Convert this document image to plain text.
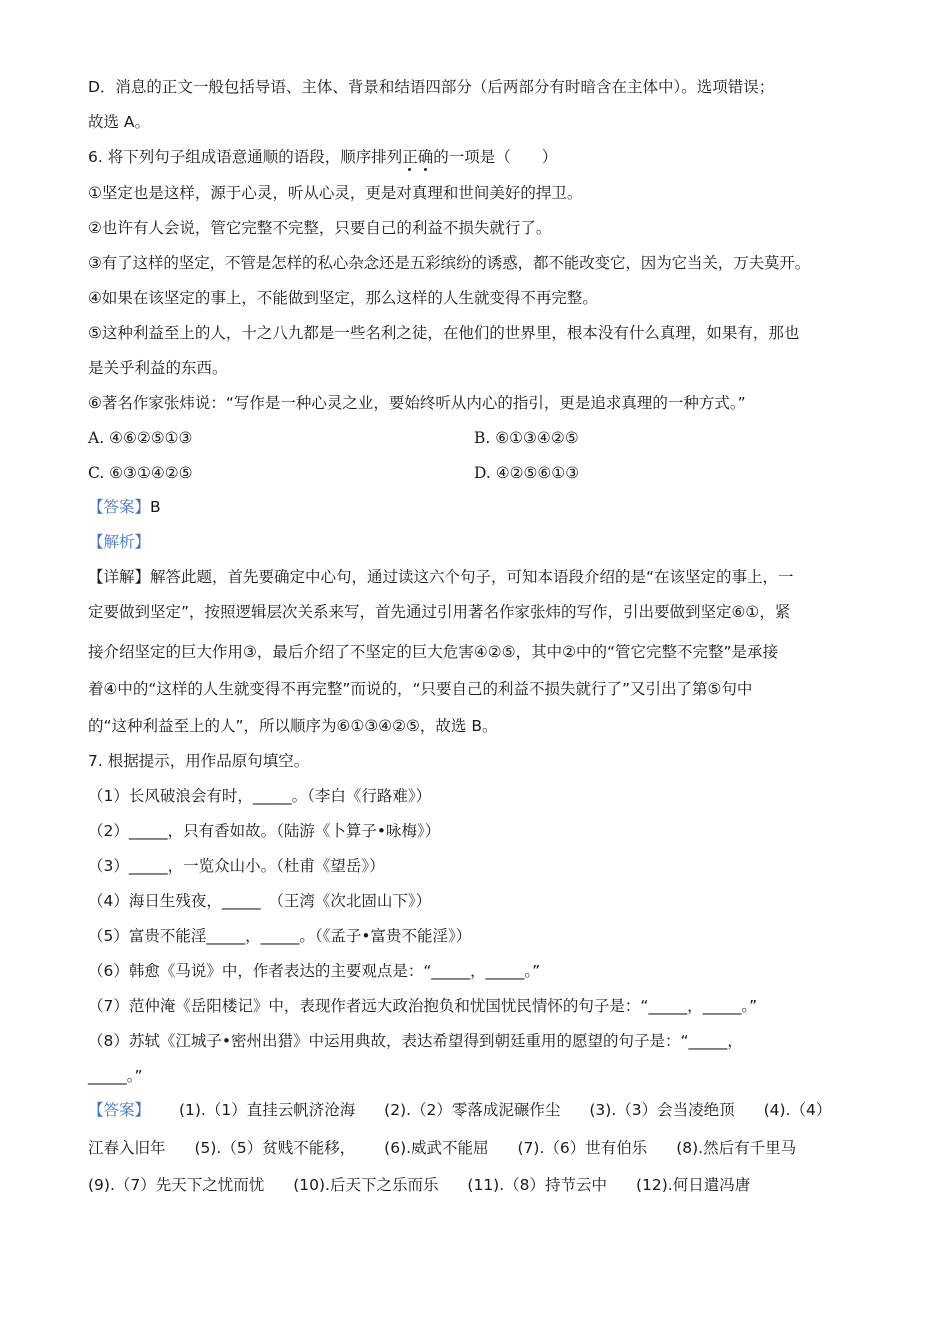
D．消息的正文一般包括导语、主体、背景和结语四部分（后两部分有时暗含在主体中）。选项错误；
故选 A。
6. 将下列句子组成语意通顺的语段，顺序排列正确的一项是（　　）
①坚定也是这样，源于心灵，听从心灵，更是对真理和世间美好的捍卫。
②也许有人会说，管它完整不完整，只要自己的利益不损失就行了。
③有了这样的坚定，不管是怎样的私心杂念还是五彩缤纷的诱惑，都不能改变它，因为它当关，万夫莫开。
④如果在该坚定的事上，不能做到坚定，那么这样的人生就变得不再完整。
⑤这种利益至上的人，十之八九都是一些名利之徒，在他们的世界里，根本没有什么真理，如果有，那也
是关乎利益的东西。
⑥著名作家张炜说：“写作是一种心灵之业，要始终听从内心的指引，更是追求真理的一种方式。”
A. ④⑥②⑤①③	B. ⑥①③④②⑤
C. ⑥③①④②⑤	D. ④②⑤⑥①③
【答案】B
【解析】
【详解】解答此题，首先要确定中心句，通过读这六个句子，可知本语段介绍的是“在该坚定的事上，一
定要做到坚定”，按照逻辑层次关系来写，首先通过引用著名作家张炜的写作，引出要做到坚定⑥①，紧
接介绍坚定的巨大作用③，最后介绍了不坚定的巨大危害④②⑤，其中②中的“管它完整不完整”是承接
着④中的“这样的人生就变得不再完整”而说的，“只要自己的利益不损失就行了”又引出了第⑤句中
的“这种利益至上的人”，所以顺序为⑥①③④②⑤，故选 B。
7. 根据提示，用作品原句填空。
（1）长风破浪会有时，_____。（李白《行路难》）
（2）_____，只有香如故。（陆游《卜算子•咏梅》）
（3）_____，一览众山小。（杜甫《望岳》）
（4）海日生残夜，_____　（王湾《次北固山下》）
（5）富贵不能淫_____，_____。（《孟子•富贵不能淫》）
（6）韩愈《马说》中，作者表达的主要观点是：“_____，_____。”
（7）范仲淹《岳阳楼记》中，表现作者远大政治抱负和忧国忧民情怀的句子是：“_____，_____。”
（8）苏轼《江城子•密州出猎》中运用典故，表达希望得到朝廷重用的愿望的句子是：“_____，
_____。”
【答案】 (1).（1）直挂云帆济沧海 (2).（2）零落成泥碾作尘 (3).（3）会当凌绝顶 (4).（4）
江春入旧年 (5).（5）贫贱不能移， (6).威武不能屈 (7).（6）世有伯乐 (8).然后有千里马
(9).（7）先天下之忧而忧 (10).后天下之乐而乐 (11).（8）持节云中 (12).何日遣冯唐
